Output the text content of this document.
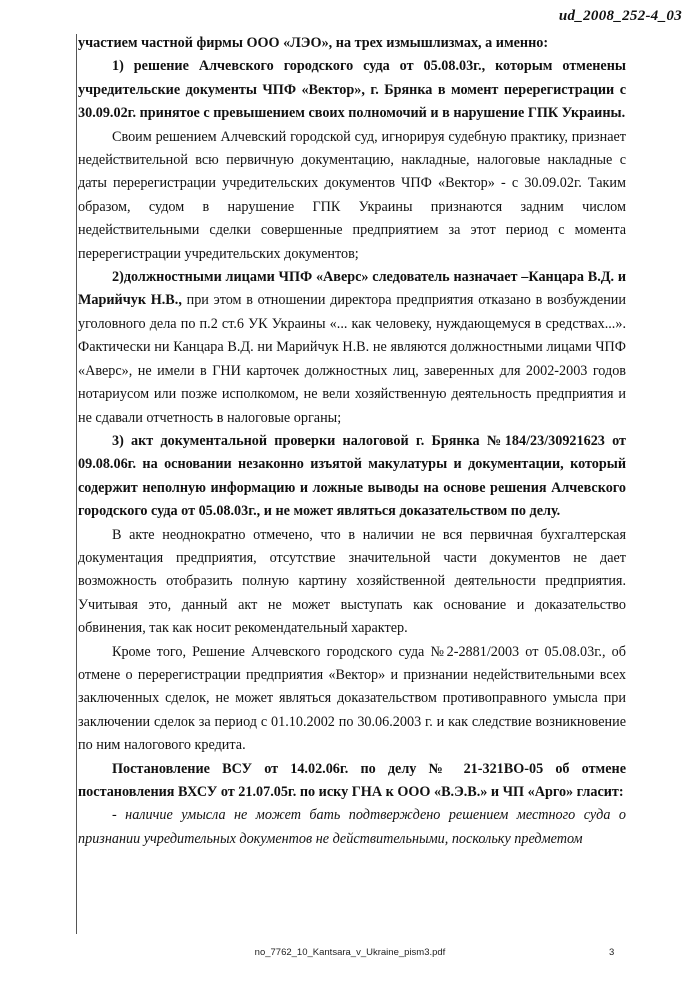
ud_2008_252-4_03

участием частной фирмы ООО «ЛЭО», на трех измышлизмах, а именно:

1) решение Алчевского городского суда от 05.08.03г., которым отменены учредительские документы ЧПФ «Вектор», г. Брянка в момент перерегистрации с 30.09.02г. принятое с превышением своих полномочий и в нарушение ГПК Украины.

Своим решением Алчевский городской суд, игнорируя судебную практику, признает недействительной всю первичную документацию, накладные, налоговые накладные с даты перерегистрации учредительских документов ЧПФ «Вектор» - с 30.09.02г. Таким образом, судом в нарушение ГПК Украины признаются задним числом недействительными сделки совершенные предприятием за этот период с момента перерегистрации учредительских документов;

2)должностными лицами ЧПФ «Аверс» следователь назначает –Канцара В.Д. и Марийчук Н.В., при этом в отношении директора предприятия отказано в возбуждении уголовного дела по п.2 ст.6 УК Украины «... как человеку, нуждающемуся в средствах...». Фактически ни Канцара В.Д. ни Марийчук Н.В. не являются должностными лицами ЧПФ «Аверс», не имели в ГНИ карточек должностных лиц, заверенных для 2002-2003 годов нотариусом или позже исполкомом, не вели хозяйственную деятельность предприятия и не сдавали отчетность в налоговые органы;

3) акт документальной проверки налоговой г. Брянка №184/23/30921623 от 09.08.06г. на основании незаконно изъятой макулатуры и документации, который содержит неполную информацию и ложные выводы на основе решения Алчевского городского суда от 05.08.03г., и не может являться доказательством по делу.

В акте неоднократно отмечено, что в наличии не вся первичная бухгалтерская документация предприятия, отсутствие значительной части документов не дает возможность отобразить полную картину хозяйственной деятельности предприятия. Учитывая это, данный акт не может выступать как основание и доказательство обвинения, так как носит рекомендательный характер.

Кроме того, Решение Алчевского городского суда №2-2881/2003 от 05.08.03г., об отмене о перерегистрации предприятия «Вектор» и признании недействительными всех заключенных сделок, не может являться доказательством противоправного умысла при заключении сделок за период с 01.10.2002 по 30.06.2003 г. и как следствие возникновение по ним налогового кредита.

Постановление ВСУ от 14.02.06г. по делу № 21-321ВО-05 об отмене постановления ВХСУ от 21.07.05г. по иску ГНА к ООО «В.Э.В.» и ЧП «Арго» гласит:

- наличие умысла не может бать подтверждено решением местного суда о признании учредительных документов не действительными, поскольку предметом

no_7762_10_Kantsara_v_Ukraine_pism3.pdf	3
